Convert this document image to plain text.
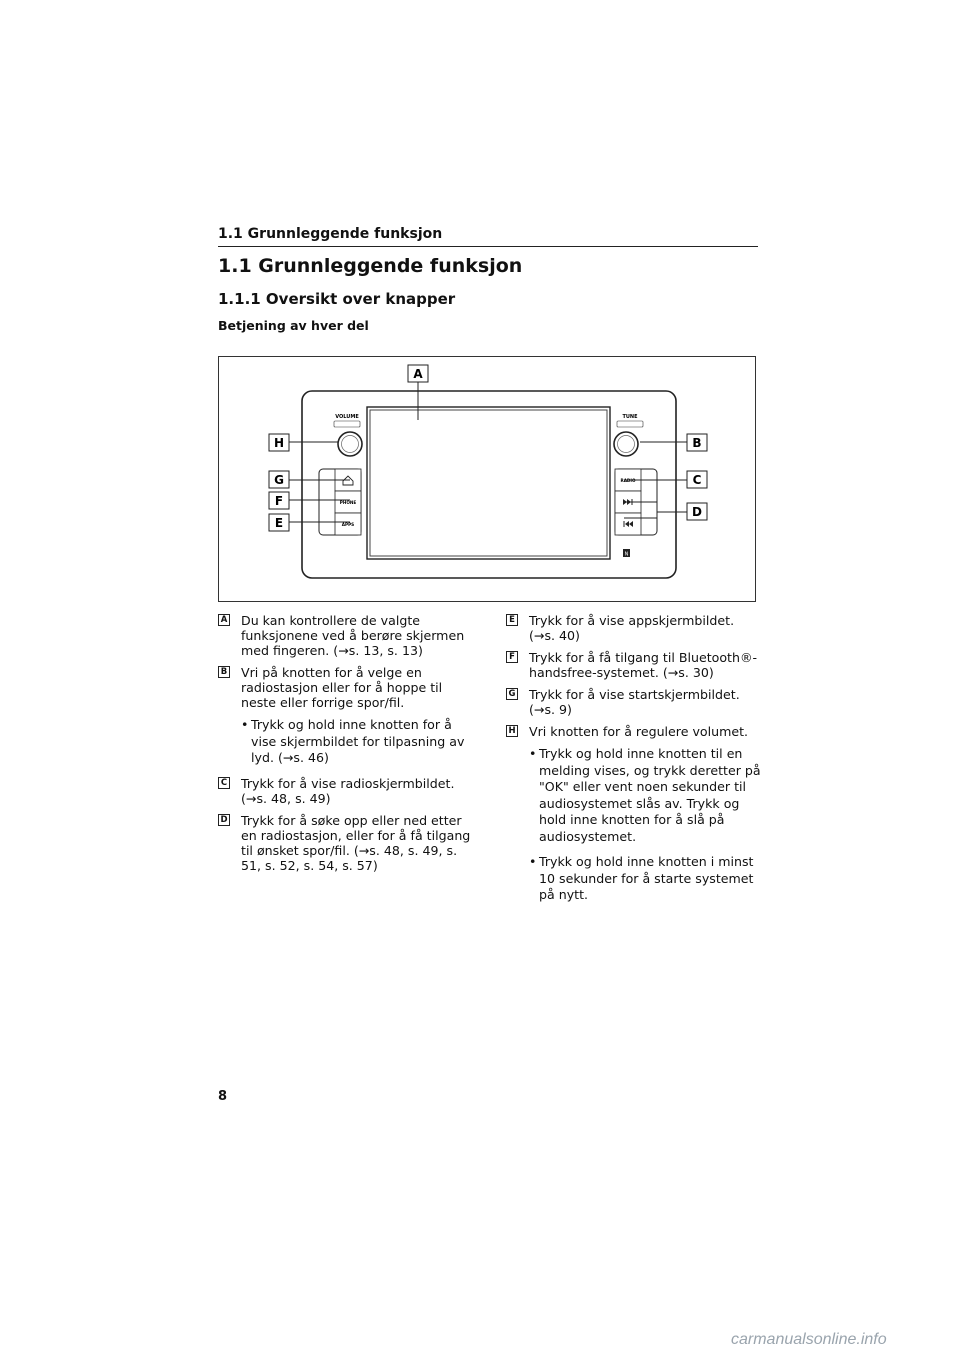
1.1 Grunnleggende funksjon
1.1 Grunnleggende funksjon
1.1.1 Oversikt over knapper
Betjening av hver del
VOLUME	TUNE
PHONE
APPS
RADIO
N
A
B
C
D
E
F
G
H
A Du kan kontrollere de valgte funksjonene ved å berøre skjermen med fingeren. (→s. 13, s. 13)
B Vri på knotten for å velge en radiostasjon eller for å hoppe til neste eller forrige spor/fil.
• Trykk og hold inne knotten for å vise skjermbildet for tilpasning av lyd. (→s. 46)
C Trykk for å vise radioskjermbildet. (→s. 48, s. 49)
D Trykk for å søke opp eller ned etter en radiostasjon, eller for å få tilgang til ønsket spor/fil. (→s. 48, s. 49, s. 51, s. 52, s. 54, s. 57)
E Trykk for å vise appskjermbildet. (→s. 40)
F Trykk for å få tilgang til Bluetooth®-handsfree-systemet. (→s. 30)
G Trykk for å vise startskjermbildet. (→s. 9)
H Vri knotten for å regulere volumet.
• Trykk og hold inne knotten til en melding vises, og trykk deretter på "OK" eller vent noen sekunder til audiosystemet slås av. Trykk og hold inne knotten for å slå på audiosystemet.
• Trykk og hold inne knotten i minst 10 sekunder for å starte systemet på nytt.
8
carmanualsonline.info
